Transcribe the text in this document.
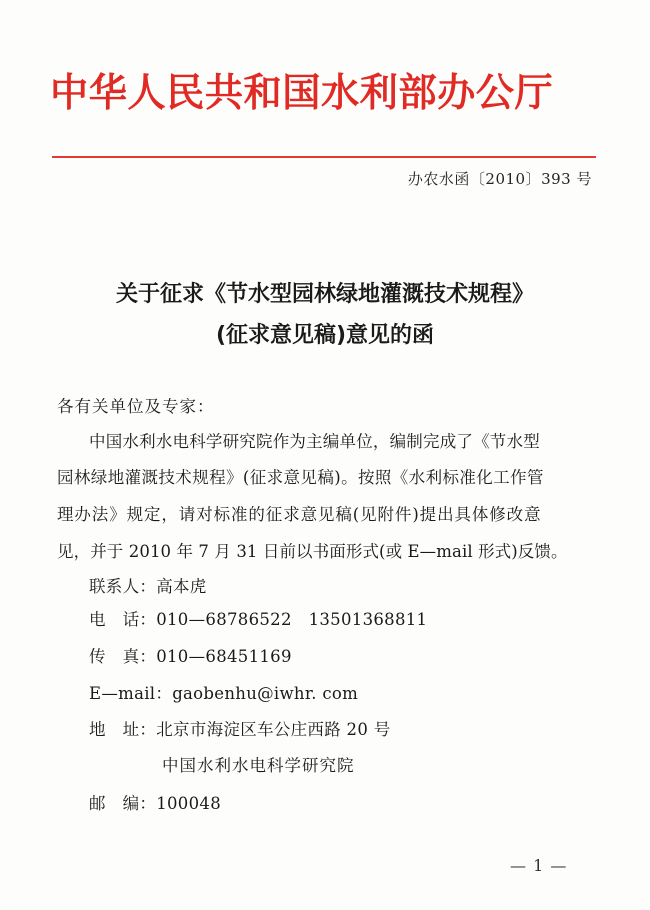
中华人民共和国水利部办公厅
办农水函〔2010〕393 号
关于征求《节水型园林绿地灌溉技术规程》
(征求意见稿)意见的函
各有关单位及专家：
中国水利水电科学研究院作为主编单位，编制完成了《节水型
园林绿地灌溉技术规程》(征求意见稿)。按照《水利标准化工作管
理办法》规定，请对标准的征求意见稿(见附件)提出具体修改意
见，并于 2010 年 7 月 31 日前以书面形式(或 E—mail 形式)反馈。
联系人：高本虎
电　话：010—68786522　13501368811
传　真：010—68451169
E—mail：gaobenhu@iwhr. com
地　址：北京市海淀区车公庄西路 20 号
中国水利水电科学研究院
邮　编：100048
— 1 —
